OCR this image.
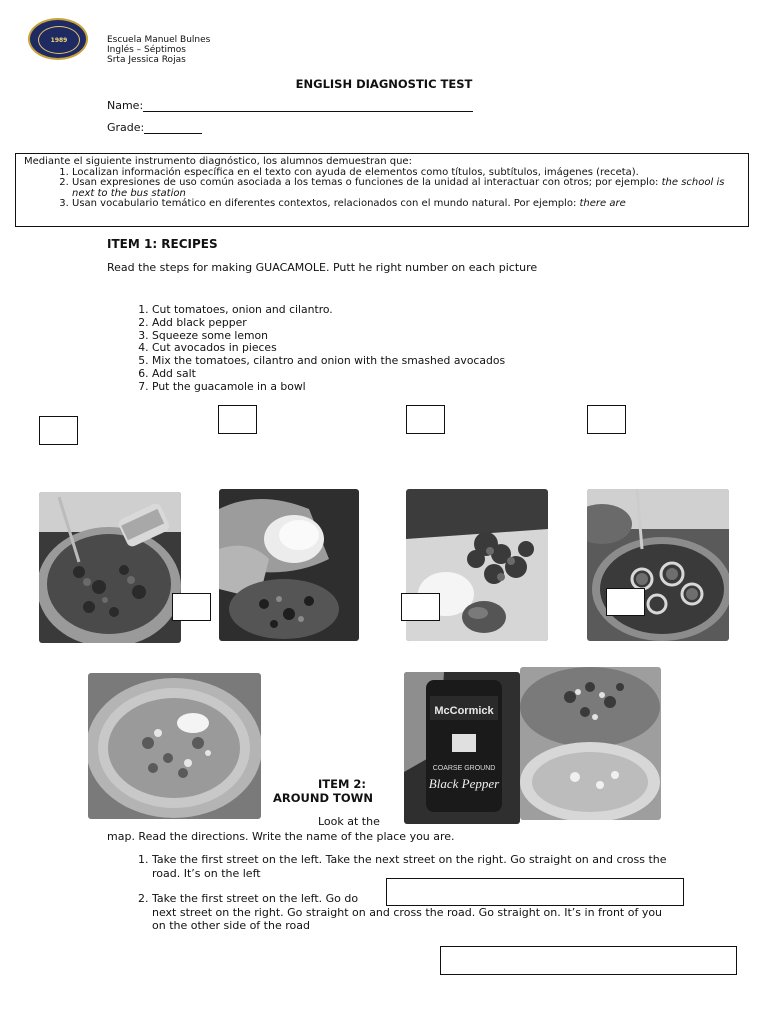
1989	Escuela Manuel Bulnes
Inglés – Séptimos
Srta Jessica Rojas
ENGLISH DIAGNOSTIC TEST
Name:
Grade:
Mediante el siguiente instrumento diagnóstico, los alumnos demuestran que:
1. Localizan información específica en el texto con ayuda de elementos como títulos, subtítulos, imágenes (receta).
2. Usan expresiones de uso común asociada a los temas o funciones de la unidad al interactuar con otros; por ejemplo: the school is next to the bus station
3. Usan vocabulario temático en diferentes contextos, relacionados con el mundo natural. Por ejemplo: there are
ITEM 1: RECIPES
Read the steps for making GUACAMOLE. Putt he right number on each picture
1. Cut tomatoes, onion and cilantro.
2. Add black pepper
3. Squeeze some lemon
4. Cut avocados in pieces
5. Mix the tomatoes, cilantro and onion with the smashed avocados
6. Add salt
7. Put the guacamole in a bowl
McCormick
COARSE GROUND
Black Pepper
ITEM 2:
AROUND TOWN
Look at the
map. Read the directions. Write the name of the place you are.
1. Take the first street on the left. Take the next street on the right. Go straight on and cross the road. It’s on the left
2. Take the first street on the left. Go do
next street on the right. Go straight on and cross the road. Go straight on. It’s in front of you on the other side of the road
